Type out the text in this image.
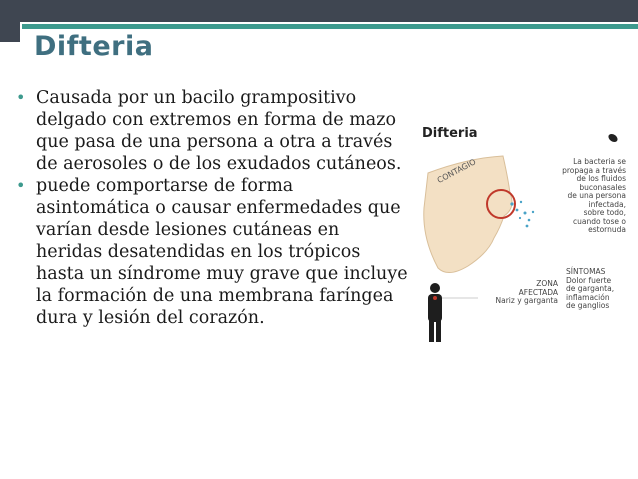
Difteria
• Causada por un bacilo grampositivo delgado con extremos en forma de mazo que pasa de una persona a otra a través de aerosoles o de los exudados cutáneos.
• puede comportarse de forma asintomática o causar enfermedades que varían desde lesiones cutáneas en heridas desatendidas en los trópicos hasta un síndrome muy grave que incluye la formación de una membrana faríngea dura y lesión del corazón.
Difteria
CONTAGIO	La bacteria se
propaga a través
de los fluidos
buconasales
de una persona
infectada,
sobre todo,
cuando tose o
estornuda
ZONA
AFECTADA
Nariz y garganta
SÍNTOMAS
Dolor fuerte
de garganta,
inflamación
de ganglios
